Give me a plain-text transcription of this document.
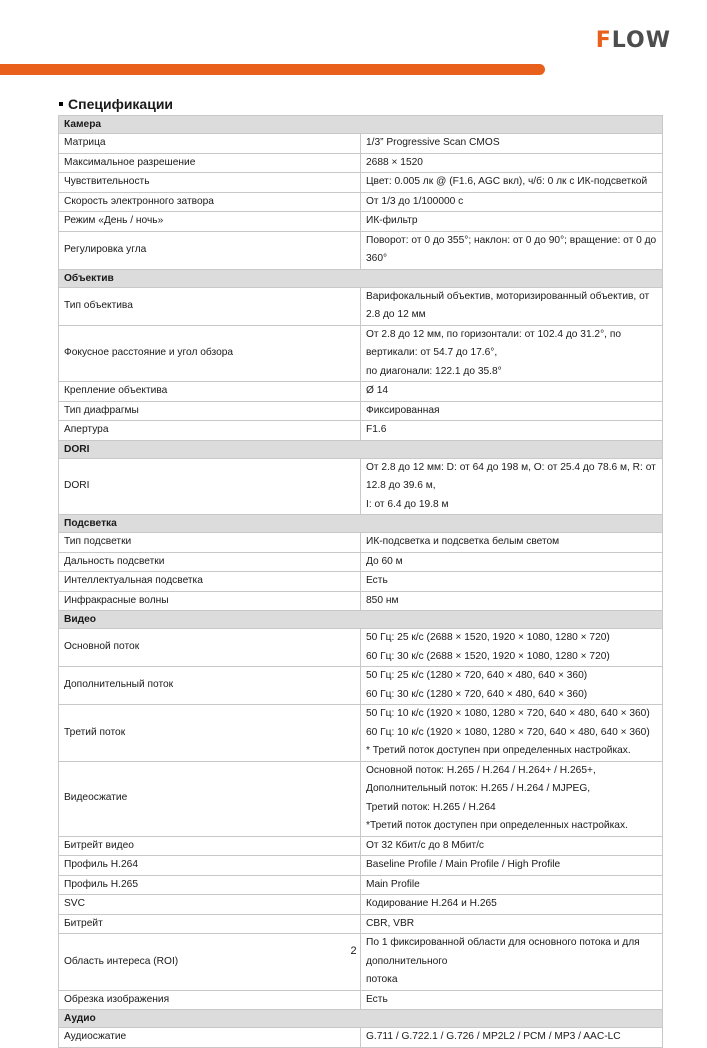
FLOW
Спецификации
Камера	
Матрица	1/3” Progressive Scan CMOS

Максимальное разрешение	2688 × 1520

Чувствительность	Цвет: 0.005 лк @ (F1.6, AGC вкл), ч/б: 0 лк с ИК-подсветкой

Скорость электронного затвора	От 1/3 до 1/100000 с

Режим «День / ночь»	ИК-фильтр

Регулировка угла	Поворот: от 0 до 355°; наклон: от 0 до 90°; вращение: от 0 до 360°

Объектив	
Тип объектива	Варифокальный объектив, моторизированный объектив, от 2.8 до 12 мм

Фокусное расстояние и угол обзора	От 2.8 до 12 мм, по горизонтали: от 102.4 до 31.2°, по вертикали: от 54.7 до 17.6°,
по диагонали: 122.1 до 35.8°

Крепление объектива	Ø 14

Тип диафрагмы	Фиксированная

Апертура	F1.6

DORI	
DORI	От 2.8 до 12 мм: D: от 64 до 198 м, O: от 25.4 до 78.6 м, R: от 12.8 до 39.6 м,
I: от 6.4 до 19.8 м

Подсветка	
Тип подсветки	ИК-подсветка и подсветка белым светом

Дальность подсветки	До 60 м

Интеллектуальная подсветка	Есть

Инфракрасные волны	850 нм

Видео	
Основной поток	50 Гц: 25 к/с (2688 × 1520, 1920 × 1080, 1280 × 720)
60 Гц: 30 к/с (2688 × 1520, 1920 × 1080, 1280 × 720)

Дополнительный поток	50 Гц: 25 к/с (1280 × 720, 640 × 480, 640 × 360)
60 Гц: 30 к/с (1280 × 720, 640 × 480, 640 × 360)

Третий поток	50 Гц: 10 к/с (1920 × 1080, 1280 × 720, 640 × 480, 640 × 360)
60 Гц: 10 к/с (1920 × 1080, 1280 × 720, 640 × 480, 640 × 360)
* Третий поток доступен при определенных настройках.

Видеосжатие	Основной поток: H.265 / H.264 / H.264+ / H.265+,
Дополнительный поток: H.265 / H.264 / MJPEG,
Третий поток: H.265 / H.264
*Третий поток доступен при определенных настройках.

Битрейт видео	От 32 Кбит/с до 8 Мбит/с

Профиль H.264	Baseline Profile / Main Profile / High Profile

Профиль H.265	Main Profile

SVC	Кодирование H.264 и H.265

Битрейт	CBR, VBR

Область интереса (ROI)	По 1 фиксированной области для основного потока и для дополнительного
потока

Обрезка изображения	Есть

Аудио	
Аудиосжатие	G.711 / G.722.1 / G.726 / MP2L2 / PCM / MP3 / AAC-LC
2
